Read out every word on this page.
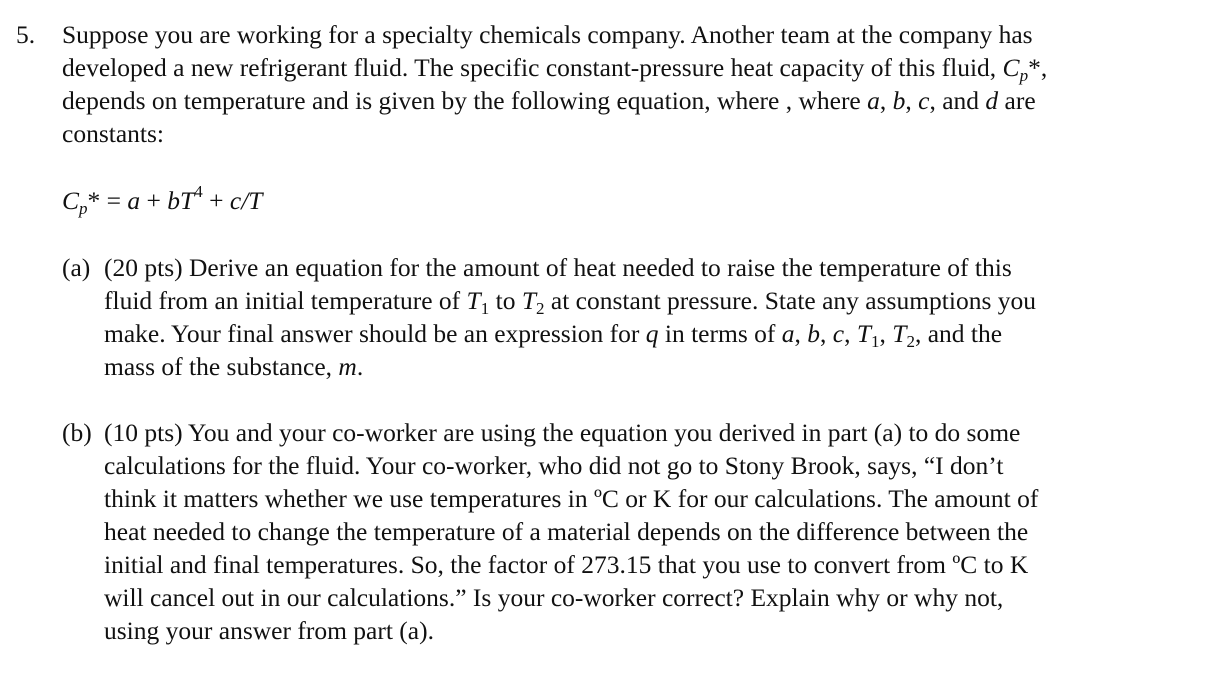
5. Suppose you are working for a specialty chemicals company. Another team at the company has
developed a new refrigerant fluid. The specific constant-pressure heat capacity of this fluid, $C_p*$,
depends on temperature and is given by the following equation, where , where a, b, c, and d are
constants:
$C_p* = a + bT^4 + c/T$
(a) (20 pts) Derive an equation for the amount of heat needed to raise the temperature of this
fluid from an initial temperature of $T_1$ to $T_2$ at constant pressure. State any assumptions you
make. Your final answer should be an expression for q in terms of a, b, c, $T_1$, $T_2$, and the
mass of the substance, m.
(b) (10 pts) You and your co-worker are using the equation you derived in part (a) to do some
calculations for the fluid. Your co-worker, who did not go to Stony Brook, says, “I don’t
think it matters whether we use temperatures in ºC or K for our calculations. The amount of
heat needed to change the temperature of a material depends on the difference between the
initial and final temperatures. So, the factor of 273.15 that you use to convert from ºC to K
will cancel out in our calculations.” Is your co-worker correct? Explain why or why not,
using your answer from part (a).
